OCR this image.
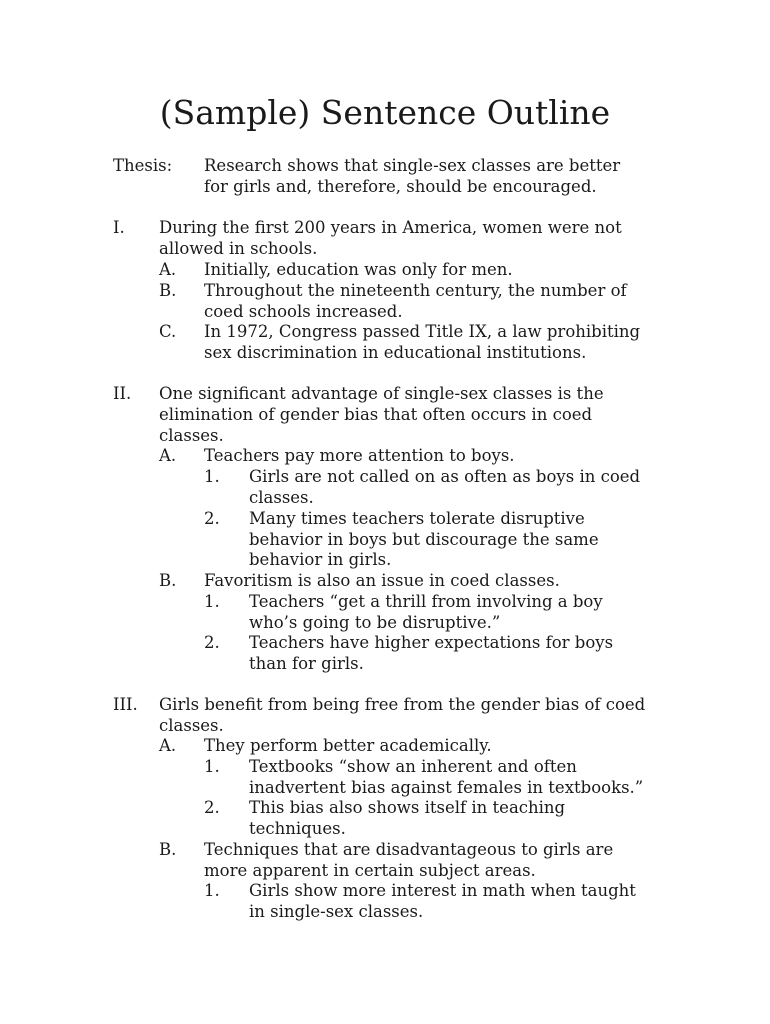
(Sample) Sentence Outline
Thesis: Research shows that single-sex classes are better
for girls and, therefore, should be encouraged.
I. During the first 200 years in America, women were not
allowed in schools.
A. Initially, education was only for men.
B. Throughout the nineteenth century, the number of
coed schools increased.
C. In 1972, Congress passed Title IX, a law prohibiting
sex discrimination in educational institutions.
II. One significant advantage of single-sex classes is the
elimination of gender bias that often occurs in coed
classes.
A. Teachers pay more attention to boys.
1. Girls are not called on as often as boys in coed
classes.
2. Many times teachers tolerate disruptive
behavior in boys but discourage the same
behavior in girls.
B. Favoritism is also an issue in coed classes.
1. Teachers “get a thrill from involving a boy
who’s going to be disruptive.”
2. Teachers have higher expectations for boys
than for girls.
III. Girls benefit from being free from the gender bias of coed
classes.
A. They perform better academically.
1. Textbooks “show an inherent and often
inadvertent bias against females in textbooks.”
2. This bias also shows itself in teaching
techniques.
B. Techniques that are disadvantageous to girls are
more apparent in certain subject areas.
1. Girls show more interest in math when taught
in single-sex classes.
